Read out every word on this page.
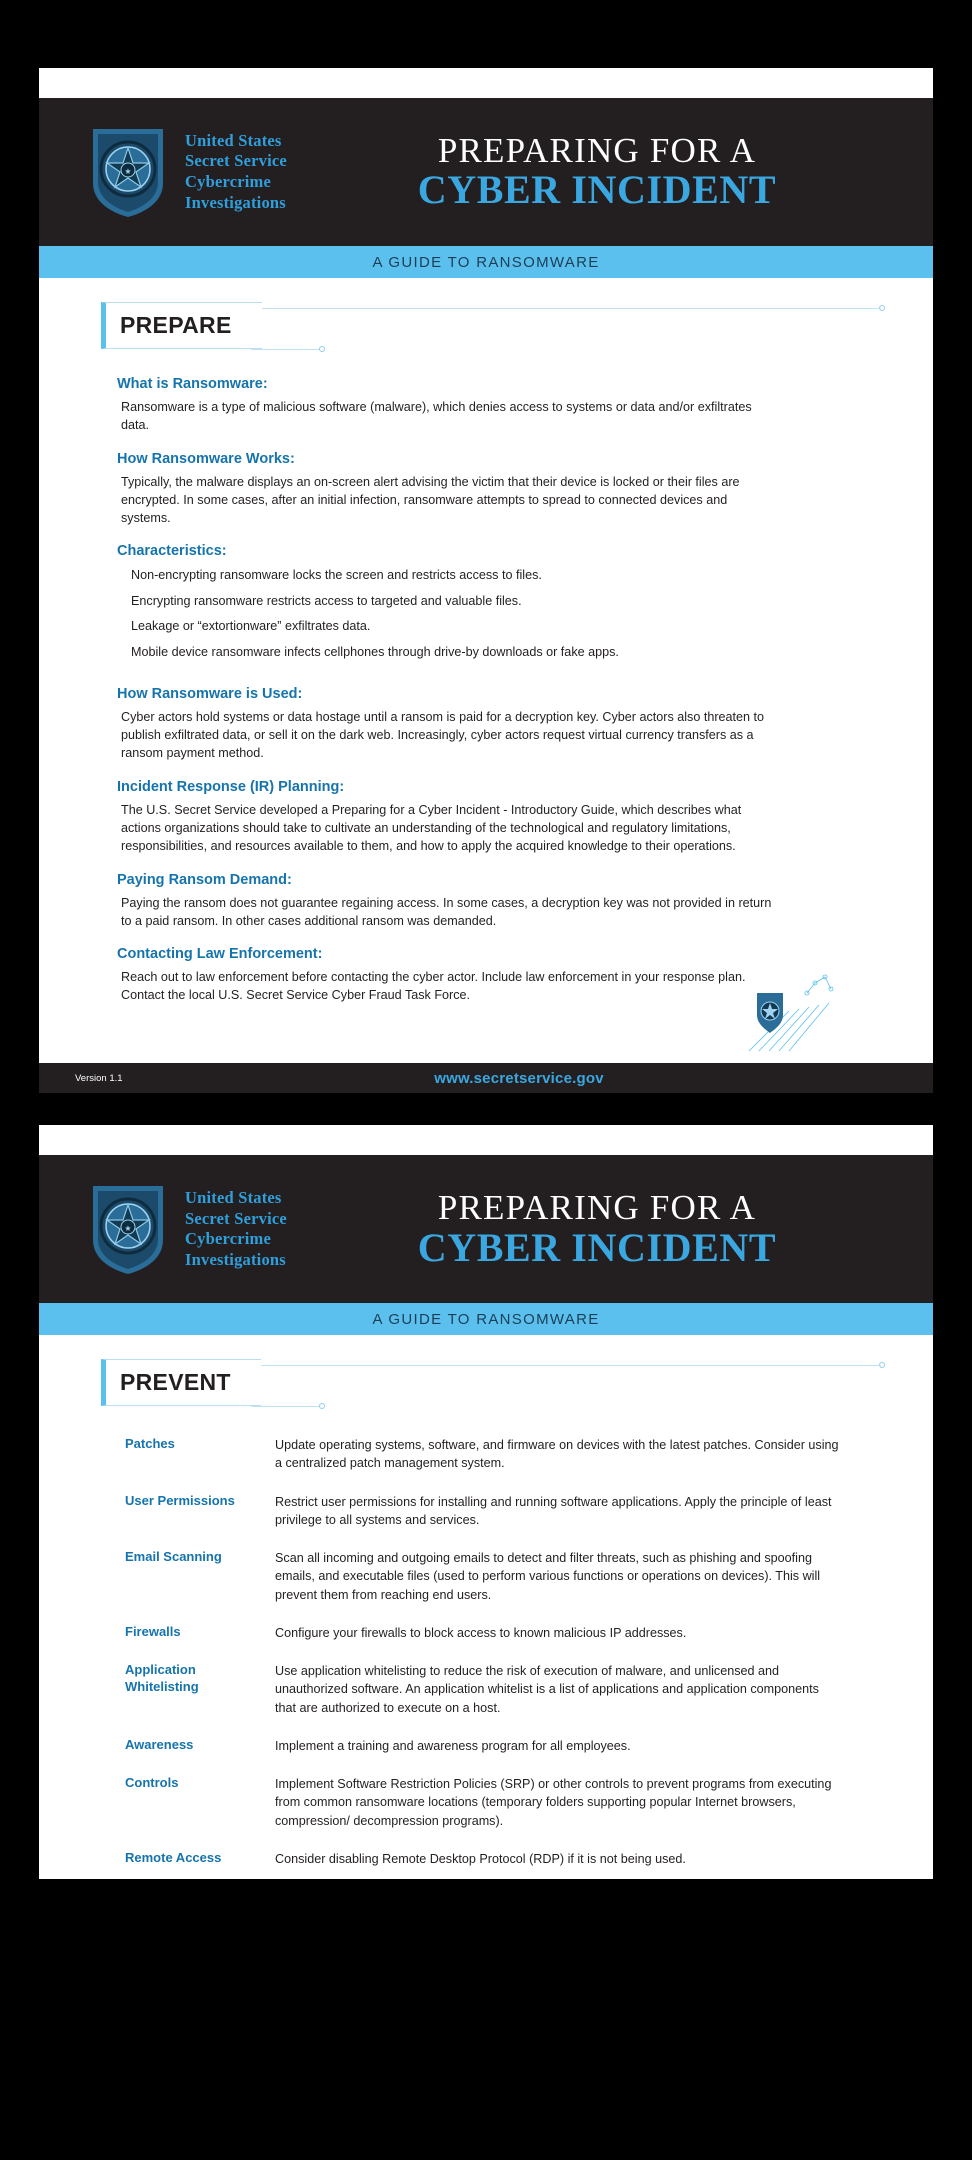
★
United States
Secret Service
Cybercrime
Investigations
PREPARING FOR A
CYBER INCIDENT
A GUIDE TO RANSOMWARE
PREPARE
What is Ransomware:

Ransomware is a type of malicious software (malware), which denies access to systems or data and/or exfiltrates data.

How Ransomware Works:

Typically, the malware displays an on-screen alert advising the victim that their device is locked or their files are encrypted. In some cases, after an initial infection, ransomware attempts to spread to connected devices and systems.

Characteristics:
Non-encrypting ransomware locks the screen and restricts access to files.
Encrypting ransomware restricts access to targeted and valuable files.
Leakage or “extortionware” exfiltrates data.
Mobile device ransomware infects cellphones through drive-by downloads or fake apps.
How Ransomware is Used:

Cyber actors hold systems or data hostage until a ransom is paid for a decryption key. Cyber actors also threaten to publish exfiltrated data, or sell it on the dark web. Increasingly, cyber actors request virtual currency transfers as a ransom payment method.

Incident Response (IR) Planning:

The U.S. Secret Service developed a Preparing for a Cyber Incident - Introductory Guide, which describes what actions organizations should take to cultivate an understanding of the technological and regulatory limitations, responsibilities, and resources available to them, and how to apply the acquired knowledge to their operations.

Paying Ransom Demand:

Paying the ransom does not guarantee regaining access. In some cases, a decryption key was not provided in return to a paid ransom. In other cases additional ransom was demanded.

Contacting Law Enforcement:

Reach out to law enforcement before contacting the cyber actor. Include law enforcement in your response plan. Contact the local U.S. Secret Service Cyber Fraud Task Force.

Version 1.1	www.secretservice.gov
★
United States
Secret Service
Cybercrime
Investigations
PREPARING FOR A
CYBER INCIDENT
A GUIDE TO RANSOMWARE
PREVENT
Patches	Update operating systems, software, and firmware on devices with the latest patches. Consider using a centralized patch management system.
User Permissions	Restrict user permissions for installing and running software applications. Apply the principle of least privilege to all systems and services.
Email Scanning	Scan all incoming and outgoing emails to detect and filter threats, such as phishing and spoofing emails, and executable files (used to perform various functions or operations on devices). This will prevent them from reaching end users.
Firewalls	Configure your firewalls to block access to known malicious IP addresses.
Application Whitelisting	Use application whitelisting to reduce the risk of execution of malware, and unlicensed and unauthorized software. An application whitelist is a list of applications and application components that are authorized to execute on a host.
Awareness	Implement a training and awareness program for all employees.
Controls	Implement Software Restriction Policies (SRP) or other controls to prevent programs from executing from common ransomware locations (temporary folders supporting popular Internet browsers, compression/ decompression programs).
Remote Access	Consider disabling Remote Desktop Protocol (RDP) if it is not being used.
